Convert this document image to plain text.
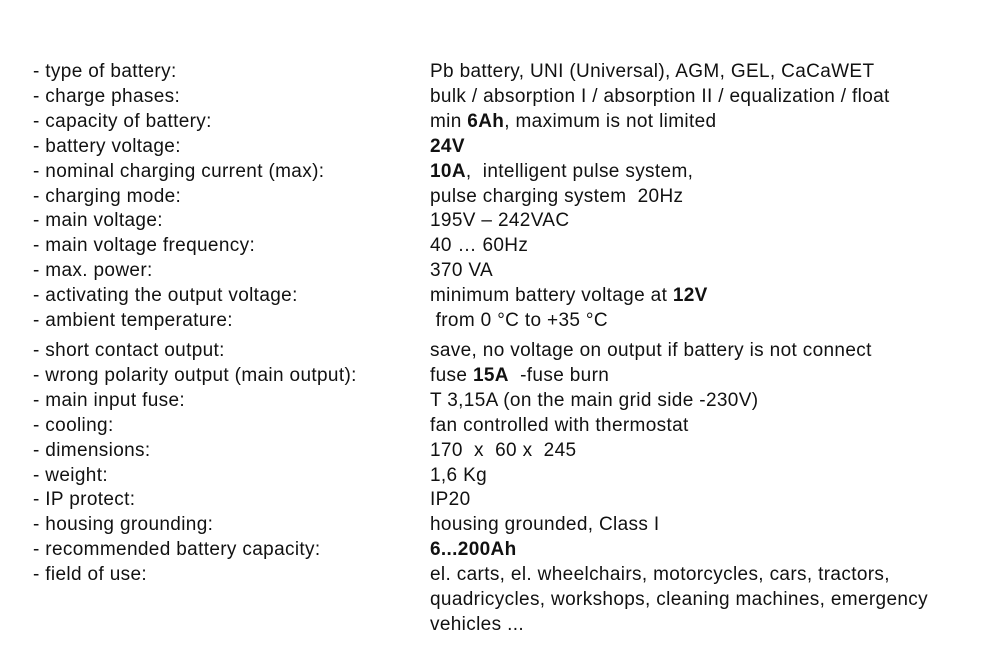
- type of battery:	Pb battery, UNI (Universal), AGM, GEL, CaCaWET
- charge phases:	bulk / absorption I / absorption II / equalization / float
- capacity of battery:	min 6Ah, maximum is not limited
- battery voltage:	24V
- nominal charging current (max):	10A,  intelligent pulse system,
- charging mode:	pulse charging system  20Hz
- main voltage:	195V – 242VAC
- main voltage frequency:	40 … 60Hz
- max. power:	370 VA
- activating the output voltage:	minimum battery voltage at 12V
- ambient temperature:	from 0 °C to +35 °C
- short contact output:	save, no voltage on output if battery is not connect
- wrong polarity output (main output):	fuse 15A  -fuse burn
- main input fuse:	T 3,15A (on the main grid side -230V)
- cooling:	fan controlled with thermostat
- dimensions:	170  x  60 x  245
- weight:	1,6 Kg
- IP protect:	IP20
- housing grounding:	housing grounded, Class I
- recommended battery capacity:	6...200Ah
- field of use:	el. carts, el. wheelchairs, motorcycles, cars, tractors, quadricycles, workshops, cleaning machines, emergency vehicles ...
